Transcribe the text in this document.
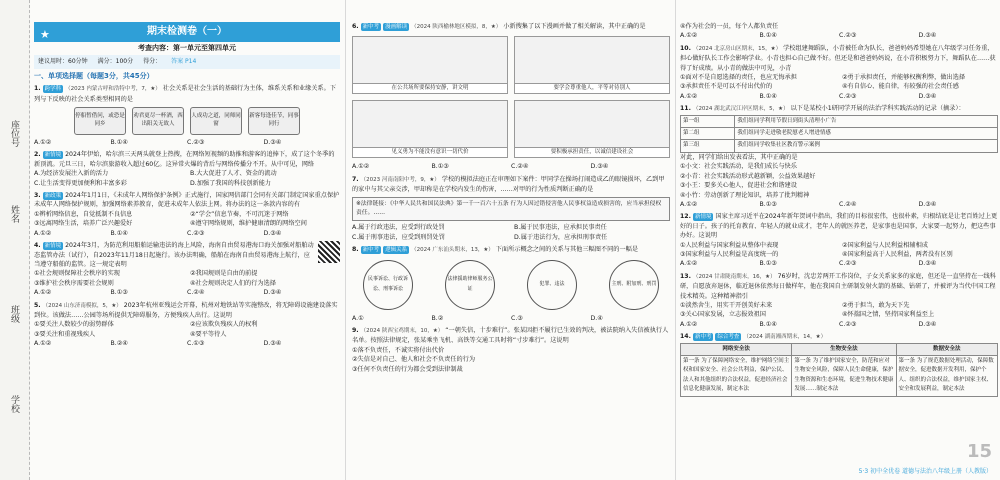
座位号
姓名
班级
学校
★	期末检测卷（一）
考查内容：第一单元至第四单元
建议用时：60分钟 满分：100分 得分： 答案 P14
一、单项选择题（每题3分，共45分）
1. 跨学科 （2023 内蒙古呼和浩特中考，7，★） 社会关系是社会生活的基础行为主体，维系关系和业缘关系。下列与下反映的社会关系类型相同的是
停船暂借问，或恐是同乡
劝君更尽一杯酒，西出阳关无故人
人成功之道，同师同窗
新客每逢佳节，同事同行
A.①②	B.①④	C.②③	D.③④
2. 新情境 2024年伊始，哈尔滨三天两头就登上热搜，在网络短视频的助推和游客的追捧下，成了这个冬季的新顶流。元旦三日，哈尔滨旅游收入超过60亿。这异常火爆的背后与网络传播分不开。从中可见，网络
A.为经济发展注入新的活力	B.大大促进了人才、资金的流动
C.让生活变得更加便利和丰富多彩	D.加强了我国的科技创新能力
3. 新政策 2024年1月1日，《未成年人网络保护条例》正式施行，国家网信部门会同有关部门制定国家重点保护未成年人网络保护规则，加强网络素养教育，促进未成年人依法上网。将办法的这一条款内容的有
①辨析网络信息，自觉抵制不良信息	②“学会”信息节奏，不可沉迷于网络
③远离网络生活，培养广泛兴趣爱好	④遵守网络规则，维护健康清朗的网络空间
A.①②	B.①④	C.②③	D.③④
4. 新情境 2024年3月，为防范利用船舶运输违法的海上风险，海南自由贸易港海口海关加强对船舶动态监管办法（试行），自2023年11月18日起施行。该办法明确，船舶在海南自由贸易港海上航行，应当遵守船舶的监管。这一规定表明
①社会规则保障社会秩序的实现	②我国规则是自由的前提
③维护社会秩序需要社会规则	④社会规则决定人们的行为选择
A.①②	B.①③	C.②④	D.③④
5. （2024 山东济南模拟，5，★） 2023年杭州亚残运会开幕，杭州对地铁站等实施整改，将无障碍设施建设落实到位。该做法……公园等场所提供无障碍服务，方便残疾人出行。这说明
①要关注人数较少的弱势群体	②应该欺负残疾人的权利
③要关注和重视残疾人	④要平等待人
A.①②	B.②④	C.①③	D.③④
6. 新中考 漫画解读 （2024 陕西榆林地区模拟，8，★） 小新搜集了以下漫画并做了相关解读，其中正确的是
在公共场所要保持安静，讲文明	要学会尊重他人，平等对待别人
见义勇为不能没有意识一切代价	要积极承担责任，以诚信建设社会
A.①②	B.①③	C.②④	D.③④
7. （2023 河南南阳中考，9，★） 学校的模拟法庭正在审理如下案件：甲同学在操场打闹造成乙的眼镜损坏，乙到甲的家中与其父亲交涉，甲却称是在学校内发生的伤害，……对甲的行为性质判断正确的是
※法律链接：《中华人民共和国民法典》第一千一百六十五条 行为人因过错侵害他人民事权益造成损害的，应当承担侵权责任。……
A.属于行政违法，应受到行政处罚	B.属于民事违法，应承担民事责任
C.属于刑事违法，应受到刑罚处罚	D.属于违法行为，应承担刑事责任
8. 新中考 逻辑关系 （2024 广东汕头期末，13，★） 下面所示概念之间的关系与其他三幅图不同的一幅是
民事诉讼、行政诉讼、刑事诉讼
法律援助律师服务公证
犯罪、违法	主刑、附加刑、刑罚
A.①	B.②	C.③	D.④
9. （2024 陕西宝鸡期末，10，★） “一朝失信，十步难行”。张某因拒不履行已生效的判决，被法院纳入失信被执行人名单。按照法律规定，张某乘坐飞机、高铁等交通工具时将“寸步难行”。这说明
①落不负责任，不诚实将付出代价
②失信是对自己、他人和社会不负责任的行为
③任何不负责任的行为都会受到法律制裁
④作为社会的一员，每个人都负责任
A.①②	B.①④	C.②③	D.③④
10. （2024 北京房山区期末，15，★） 学校组建舞蹈队，小青被任命为队长，爸爸妈妈希望她在八年级学习任务重，担心做好队长工作会影响学业。小青也担心自己做不好。但还是和爸爸妈妈说，在小青积极努力下，舞蹈队在……获得了好成绩。从小青的做法中可见，小青
①面对不是自愿选择的责任，也应无悔承担	②勇于承担责任，并能够权衡利弊，做出选择
③承担责任不是可以不付出代价的	④有自信心、能自律，有较强的社会责任感
A.①②	B.①④	C.②③	D.③④
11. （2024 湖北武汉江岸区期末，5，★） 以下是某校小1研同学开展的法治学科实践活动的记录（摘录）：
第一组	我们组同学利用节假日到街头清理小广告
第二组	我们组同学走进敬老院慰老人增进情感
第三组	我们组同学收集社区教育警示案例
对此，同学们给出发表看法，其中正确的是
①小文：社会实践活动，是我们成长与快乐
②小青：社会实践活动形式越新颖，公益效果越好
③小王：要多关心他人，促进社会和谐建设
④小竹：劳动创新了理论知识，培养了批判精神
A.①②	B.①③	C.②④	D.③④
12. 新情境 国家主席习近平在2024年新年贺词中指出，我们的目标很宏伟，也很朴素，归根结底是让老百姓过上更好的日子。孩子的托育教育、年轻人的就业成才，老年人的就医养老，是家事也是国事，大家要一起努力，把这些事办好。这说明
①人民利益与国家利益从整体中表现	②国家利益与人民利益相辅相成
③国家利益与人民利益是高度统一的	④国家利益高于人民利益，两者没有区别
A.①②	B.①③	C.②③	D.③④
13. （2024 甘肃陇南期末，16，★） 76岁时，沈忠芳两开工作岗位，子女关系家多的家庭，但还是一直坚持在一线科研，自愿放弃退休，临近退休依然每日做样年，他在我国自主研制发射火箭的基础、钻研了，并被评为当代中国工程技术精英。这种精神指引
①淡然舍生，用实干开创美好未来	②勇于担当，敢为天下先
③关心国家发展，立志报效祖国	④怀揣国之情，坚持国家利益至上
A.①②	B.①④	C.②③	D.③④
14. 新中考 综合考查 （2024 湖南湘西期末，14，★）
网络安全法	生物安全法	数据安全法
第一条 为了保障网络安全，维护网络空间主权和国家安全、社会公共利益，保护公民、法人和其他组织的合法权益，促进经济社会信息化健康发展，制定本法	第一条 为了维护国家安全，防范和应对生物安全风险，保障人民生命健康，保护生物资源和生态环境，促进生物技术健康发展……制定本法	第一条 为了规范数据处理活动，保障数据安全，促进数据开发利用，保护个人、组织的合法权益，维护国家主权、安全和发展利益，制定本法
15
5·3 初中全优卷 道德与法治八年级上册（人教版）
